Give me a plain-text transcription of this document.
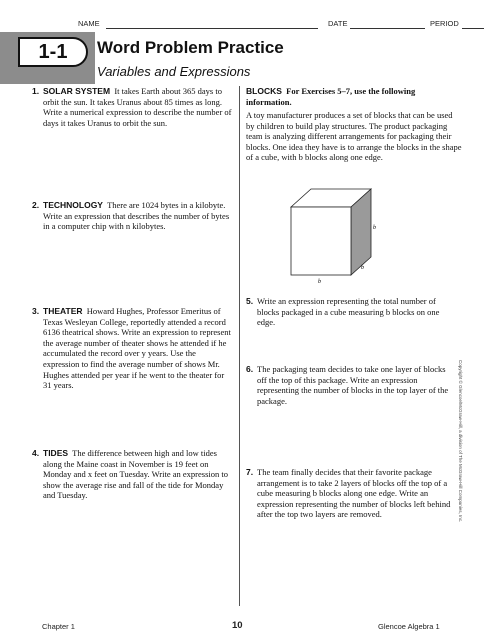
NAME	DATE	PERIOD
1-1	Word Problem Practice
Variables and Expressions
1. SOLAR SYSTEM It takes Earth about 365 days to orbit the sun. It takes Uranus about 85 times as long. Write a numerical expression to describe the number of days it takes Uranus to orbit the sun.
2. TECHNOLOGY There are 1024 bytes in a kilobyte. Write an expression that describes the number of bytes in a computer chip with n kilobytes.
3. THEATER Howard Hughes, Professor Emeritus of Texas Wesleyan College, reportedly attended a record 6136 theatrical shows. Write an expression to represent the average number of theater shows he attended if he accumulated the record over y years. Use the expression to find the average number of shows Mr. Hughes attended per year if he went to the theater for 31 years.
4. TIDES The difference between high and low tides along the Maine coast in November is 19 feet on Monday and x feet on Tuesday. Write an expression to show the average rise and fall of the tide for Monday and Tuesday.
BLOCKS For Exercises 5–7, use the following information.
A toy manufacturer produces a set of blocks that can be used by children to build play structures. The product packaging team is analyzing different arrangements for packaging their blocks. One idea they have is to arrange the blocks in the shape of a cube, with b blocks along one edge.
b
b
b
5. Write an expression representing the total number of blocks packaged in a cube measuring b blocks on one edge.
6. The packaging team decides to take one layer of blocks off the top of this package. Write an expression representing the number of blocks in the top layer of the package.
7. The team finally decides that their favorite package arrangement is to take 2 layers of blocks off the top of a cube measuring b blocks along one edge. Write an expression representing the number of blocks left behind after the top two layers are removed.	Copyright © Glencoe/McGraw-Hill, a division of The McGraw-Hill Companies, Inc.
Chapter 1	10	Glencoe Algebra 1
